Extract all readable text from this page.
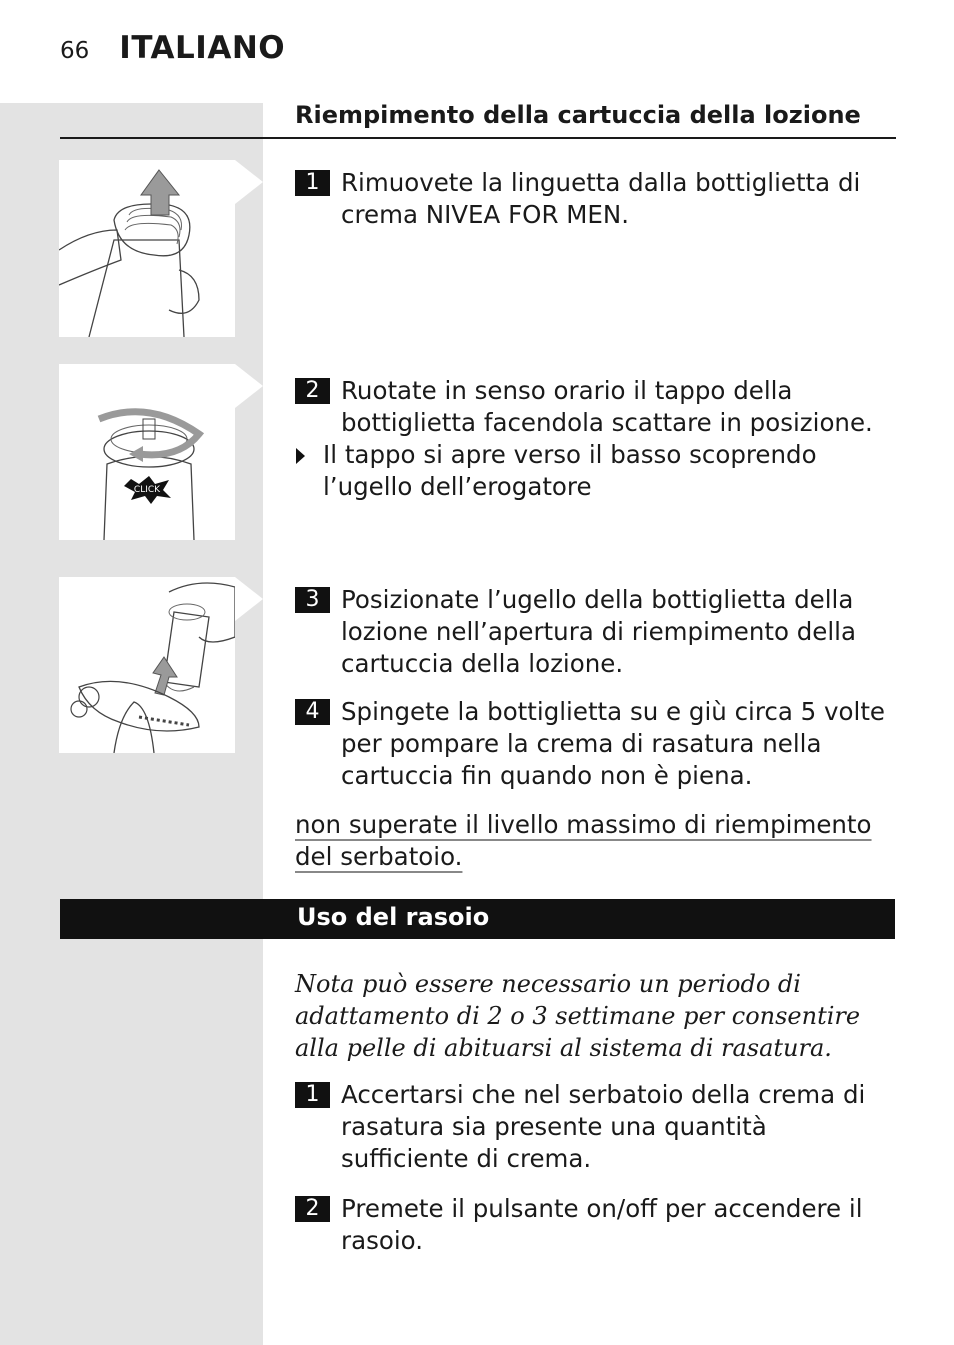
66 ITALIANO
Riempimento della cartuccia della lozione
CLICK
1 Rimuovete la linguetta dalla bottiglietta di crema NIVEA FOR MEN.
2 Ruotate in senso orario il tappo della bottiglietta facendola scattare in posizione.
Il tappo si apre verso il basso scoprendo l’ugello dell’erogatore
3 Posizionate l’ugello della bottiglietta della lozione nell’apertura di riempimento della cartuccia della lozione.
4 Spingete la bottiglietta su e giù circa 5 volte per pompare la crema di rasatura nella cartuccia fin quando non è piena.
non superate il livello massimo di riempimento del serbatoio.
Uso del rasoio
Nota può essere necessario un periodo di adattamento di 2 o 3 settimane per consentire alla pelle di abituarsi al sistema di rasatura.
1 Accertarsi che nel serbatoio della crema di rasatura sia presente una quantità sufficiente di crema.
2 Premete il pulsante on/off per accendere il rasoio.
